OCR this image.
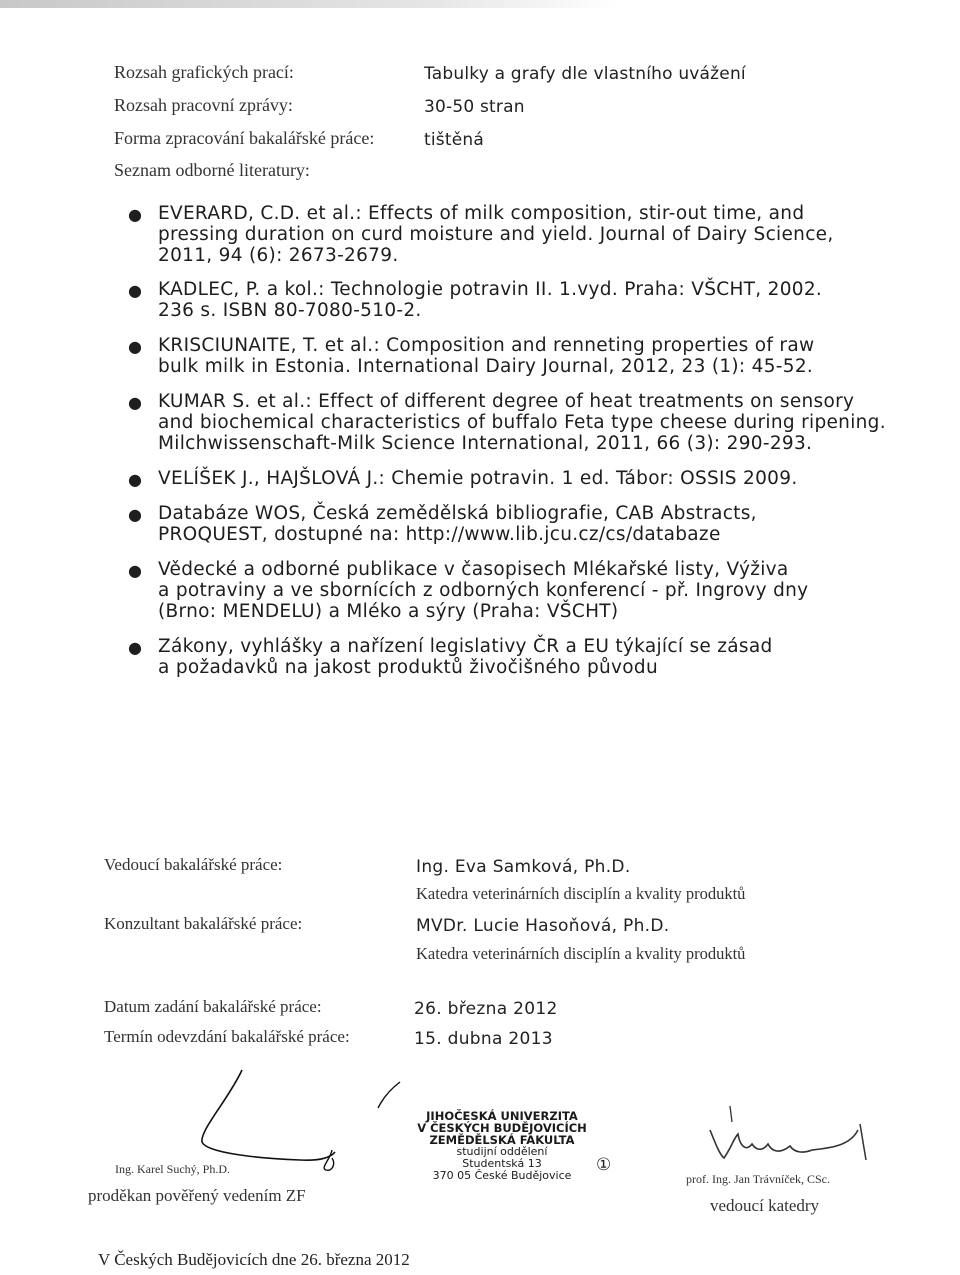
Rozsah grafických prací:	Tabulky a grafy dle vlastního uvážení
Rozsah pracovní zprávy:	30-50 stran
Forma zpracování bakalářské práce:	tištěná
Seznam odborné literatury:
● EVERARD, C.D. et al.: Effects of milk composition, stir-out time, and
pressing duration on curd moisture and yield. Journal of Dairy Science,
2011, 94 (6): 2673-2679.
● KADLEC, P. a kol.: Technologie potravin II. 1.vyd. Praha: VŠCHT, 2002.
236 s. ISBN 80-7080-510-2.
● KRISCIUNAITE, T. et al.: Composition and renneting properties of raw
bulk milk in Estonia. International Dairy Journal, 2012, 23 (1): 45-52.
● KUMAR S. et al.: Effect of different degree of heat treatments on sensory
and biochemical characteristics of buffalo Feta type cheese during ripening.
Milchwissenschaft-Milk Science International, 2011, 66 (3): 290-293.
● VELÍŠEK J., HAJŠLOVÁ J.: Chemie potravin. 1 ed. Tábor: OSSIS 2009.
● Databáze WOS, Česká zemědělská bibliografie, CAB Abstracts,
PROQUEST, dostupné na: http://www.lib.jcu.cz/cs/databaze
● Vědecké a odborné publikace v časopisech Mlékařské listy, Výživa
a potraviny a ve sbornících z odborných konferencí - př. Ingrovy dny
(Brno: MENDELU) a Mléko a sýry (Praha: VŠCHT)
● Zákony, vyhlášky a nařízení legislativy ČR a EU týkající se zásad
a požadavků na jakost produktů živočišného původu
Vedoucí bakalářské práce:	Ing. Eva Samková, Ph.D.
Katedra veterinárních disciplín a kvality produktů
Konzultant bakalářské práce:	MVDr. Lucie Hasoňová, Ph.D.
Katedra veterinárních disciplín a kvality produktů
Datum zadání bakalářské práce:	26. března 2012
Termín odevzdání bakalářské práce:	15. dubna 2013
Ing. Karel Suchý, Ph.D.
proděkan pověřený vedením ZF
prof. Ing. Jan Trávníček, CSc.
vedoucí katedry
JIHOČESKÁ UNIVERZITA
V ČESKÝCH BUDĚJOVICÍCH
ZEMĚDĚLSKÁ FAKULTA
studijní oddělení
Studentská 13
370 05 České Budějovice
①
V Českých Budějovicích dne 26. března 2012
